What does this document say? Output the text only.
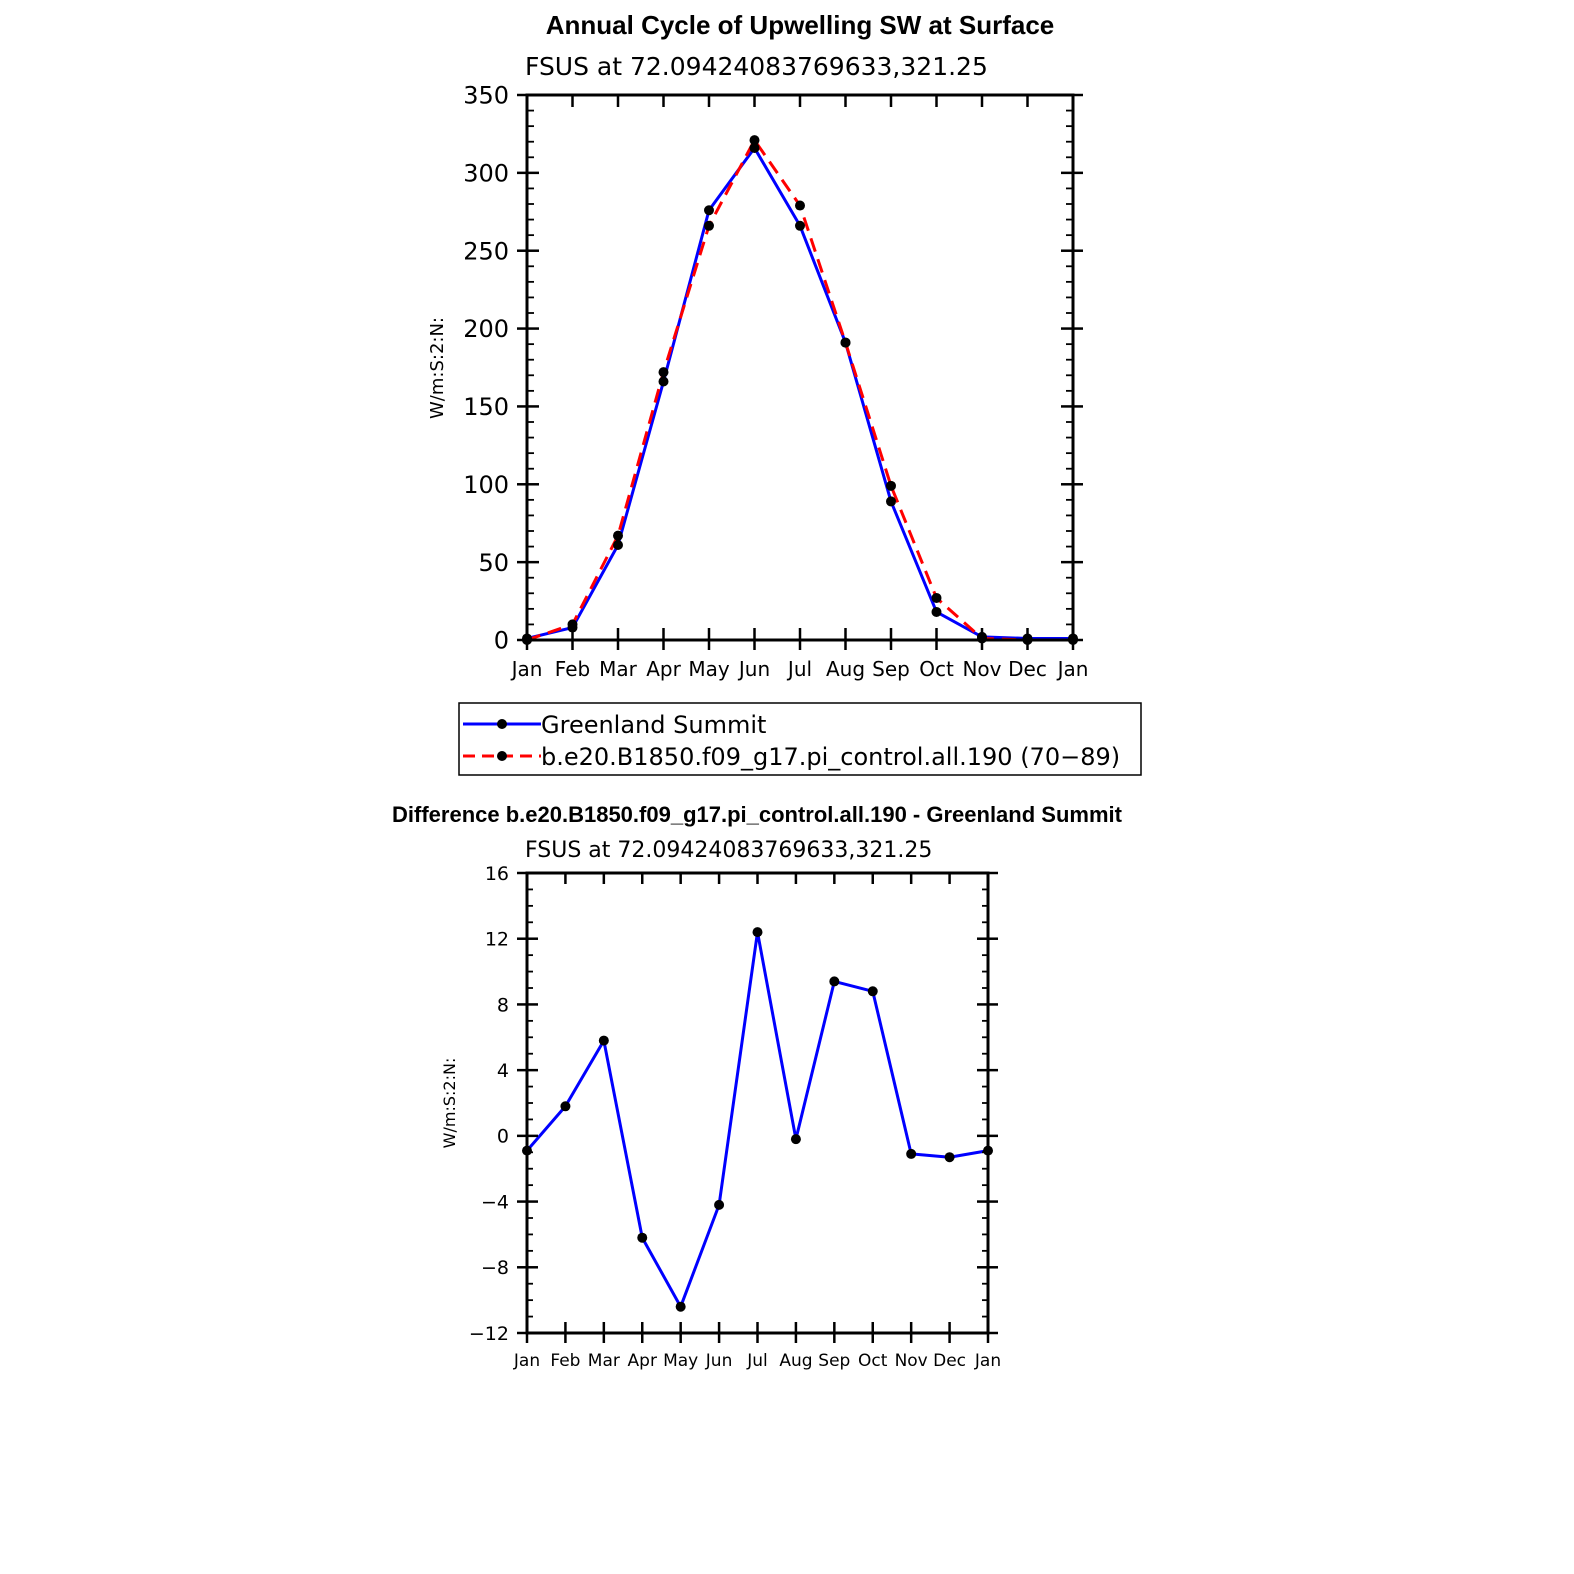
Annual Cycle of Upwelling SW at Surface
FSUS at 72.09424083769633,321.25
W/m:S:2:N:
Jan Feb Mar Apr May Jun Jul Aug Sep Oct Nov Dec Jan
0
50
100
150
200
250
300
350
Greenland Summit
b.e20.B1850.f09_g17.pi_control.all.190 (70−89)
Difference b.e20.B1850.f09_g17.pi_control.all.190 - Greenland Summit
FSUS at 72.09424083769633,321.25
W/m:S:2:N:
Jan Feb Mar Apr May Jun Jul Aug Sep Oct Nov Dec Jan
−12
−8
−4
0
4
8
12
16
